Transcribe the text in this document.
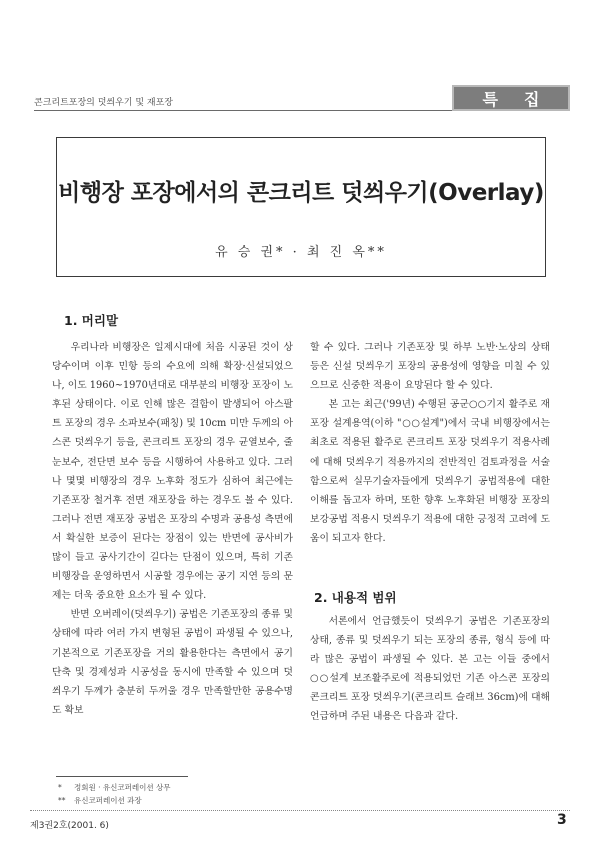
콘크리트포장의 덧씌우기 및 재포장	특집
비행장 포장에서의 콘크리트 덧씌우기(Overlay)
유 승 권* · 최 진 옥**
1. 머리말

우리나라 비행장은 일제시대에 처음 시공된 것이 상당수이며 이후 민항 등의 수요에 의해 확장·신설되었으나, 이도 1960~1970년대로 대부분의 비행장 포장이 노후된 상태이다. 이로 인해 많은 결함이 발생되어 아스팔트 포장의 경우 소파보수(패칭) 및 10cm 미만 두께의 아스콘 덧씌우기 등을, 콘크리트 포장의 경우 균열보수, 줄눈보수, 전단면 보수 등을 시행하여 사용하고 있다. 그러나 몇몇 비행장의 경우 노후화 정도가 심하여 최근에는 기존포장 철거후 전면 재포장을 하는 경우도 볼 수 있다. 그러나 전면 재포장 공법은 포장의 수명과 공용성 측면에서 확실한 보증이 된다는 장점이 있는 반면에 공사비가 많이 들고 공사기간이 길다는 단점이 있으며, 특히 기존비행장을 운영하면서 시공할 경우에는 공기 지연 등의 문제는 더욱 중요한 요소가 될 수 있다.

반면 오버레이(덧씌우기) 공법은 기존포장의 종류 및 상태에 따라 여러 가지 변형된 공법이 파생될 수 있으나, 기본적으로 기존포장을 거의 활용한다는 측면에서 공기단축 및 경제성과 시공성을 동시에 만족할 수 있으며 덧씌우기 두께가 충분히 두꺼울 경우 만족할만한 공용수명도 확보

할 수 있다. 그러나 기존포장 및 하부 노반·노상의 상태 등은 신설 덧씌우기 포장의 공용성에 영향을 미칠 수 있으므로 신중한 적용이 요망된다 할 수 있다.

본 고는 최근('99년) 수행된 공군○○기지 활주로 재포장 설계용역(이하 "○○설계")에서 국내 비행장에서는 최초로 적용된 활주로 콘크리트 포장 덧씌우기 적용사례에 대해 덧씌우기 적용까지의 전반적인 검토과정을 서술함으로써 실무기술자들에게 덧씌우기 공법적용에 대한 이해를 돕고자 하며, 또한 향후 노후화된 비행장 포장의 보강공법 적용시 덧씌우기 적용에 대한 긍정적 고려에 도움이 되고자 한다.

2. 내용적 범위

서론에서 언급했듯이 덧씌우기 공법은 기존포장의 상태, 종류 및 덧씌우기 되는 포장의 종류, 형식 등에 따라 많은 공법이 파생될 수 있다. 본 고는 이들 중에서 ○○설계 보조활주로에 적용되었던 기존 아스콘 포장의 콘크리트 포장 덧씌우기(콘크리트 슬래브 36cm)에 대해 언급하며 주된 내용은 다음과 같다.

* 정회원 · 유신코퍼레이션 상무
** 유신코퍼레이션 과장
제3권2호(2001. 6)	3
